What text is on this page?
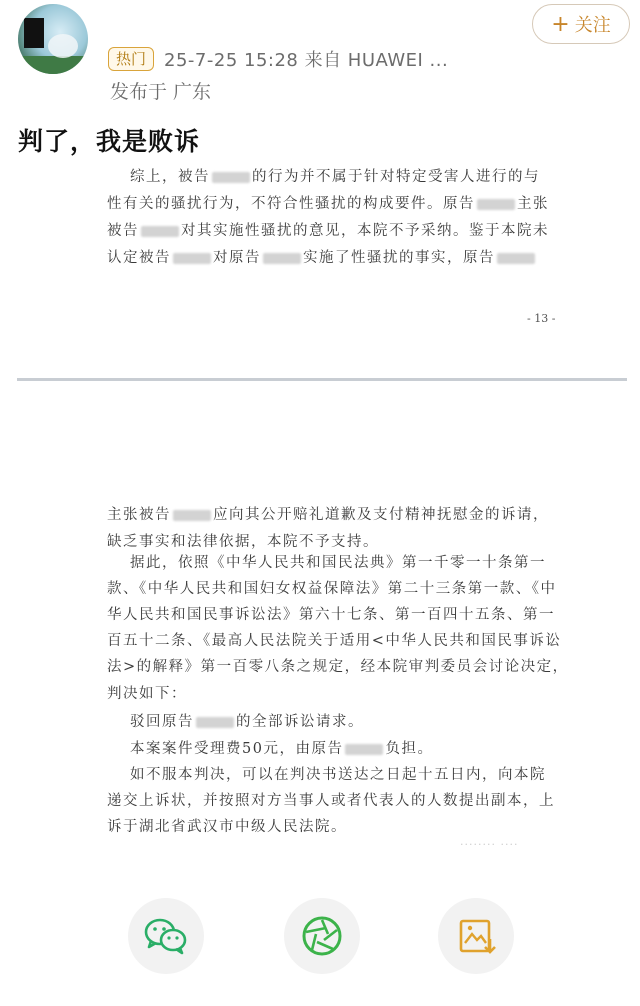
热门	25-7-25 15:28 来自 HUAWEI ...
发布于 广东
+ 关注
判了，我是败诉
综上，被告	的行为并不属于针对特定受害人进行的与
性有关的骚扰行为，不符合性骚扰的构成要件。原告	主张
被告	对其实施性骚扰的意见，本院不予采纳。鉴于本院未
认定被告	对原告	实施了性骚扰的事实，原告
- 13 -
主张被告	应向其公开赔礼道歉及支付精神抚慰金的诉请，
缺乏事实和法律依据，本院不予支持。
据此，依照《中华人民共和国民法典》第一千零一十条第一
款、《中华人民共和国妇女权益保障法》第二十三条第一款、《中
华人民共和国民事诉讼法》第六十七条、第一百四十五条、第一
百五十二条、《最高人民法院关于适用<中华人民共和国民事诉讼
法>的解释》第一百零八条之规定，经本院审判委员会讨论决定，
判决如下：
驳回原告	的全部诉讼请求。
本案案件受理费50元，由原告	负担。
如不服本判决，可以在判决书送达之日起十五日内，向本院
递交上诉状，并按照对方当事人或者代表人的人数提出副本，上
诉于湖北省武汉市中级人民法院。
........ ....
